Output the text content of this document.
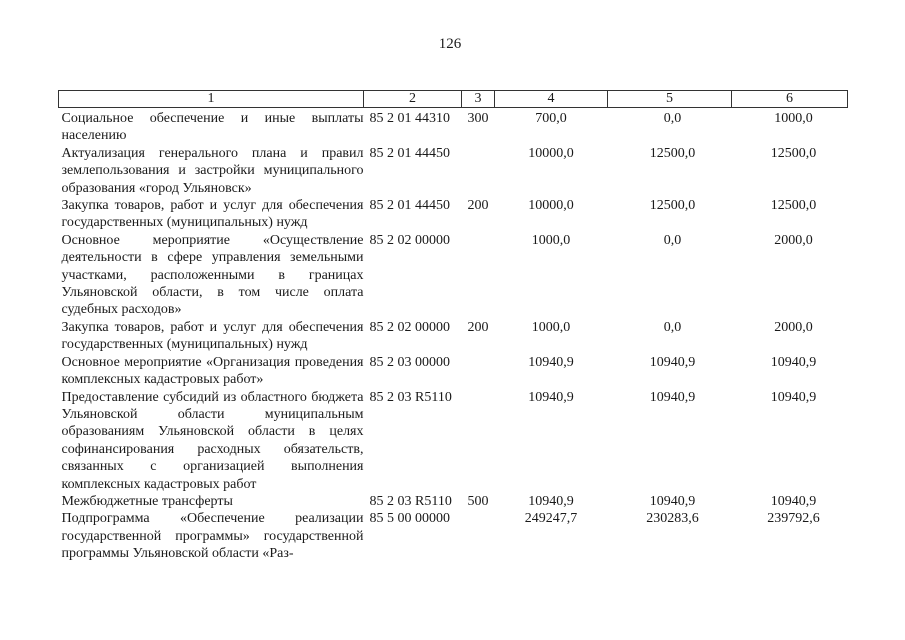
126
1	2	3	4	5	6
Социальное обеспечение и иные выплаты населению	85 2 01 44310	300	700,0	0,0	1000,0
Актуализация генерального плана и правил землепользования и застройки муниципального образования «город Ульяновск»	85 2 01 44450		10000,0	12500,0	12500,0
Закупка товаров, работ и услуг для обеспечения государственных (муниципальных) нужд	85 2 01 44450	200	10000,0	12500,0	12500,0
Основное мероприятие «Осуществление деятельности в сфере управления земельными участками, расположенными в границах Ульяновской области, в том числе оплата судебных расходов»	85 2 02 00000		1000,0	0,0	2000,0
Закупка товаров, работ и услуг для обеспечения государственных (муниципальных) нужд	85 2 02 00000	200	1000,0	0,0	2000,0
Основное мероприятие «Организация проведения комплексных кадастровых работ»	85 2 03 00000		10940,9	10940,9	10940,9
Предоставление субсидий из областного бюджета Ульяновской области муниципальным образованиям Ульяновской области в целях софинансирования расходных обязательств, связанных с организацией выполнения комплексных кадастровых работ	85 2 03 R5110		10940,9	10940,9	10940,9
Межбюджетные трансферты	85 2 03 R5110	500	10940,9	10940,9	10940,9
Подпрограмма «Обеспечение реализации государственной программы» государственной программы Ульяновской области «Раз-	85 5 00 00000		249247,7	230283,6	239792,6
